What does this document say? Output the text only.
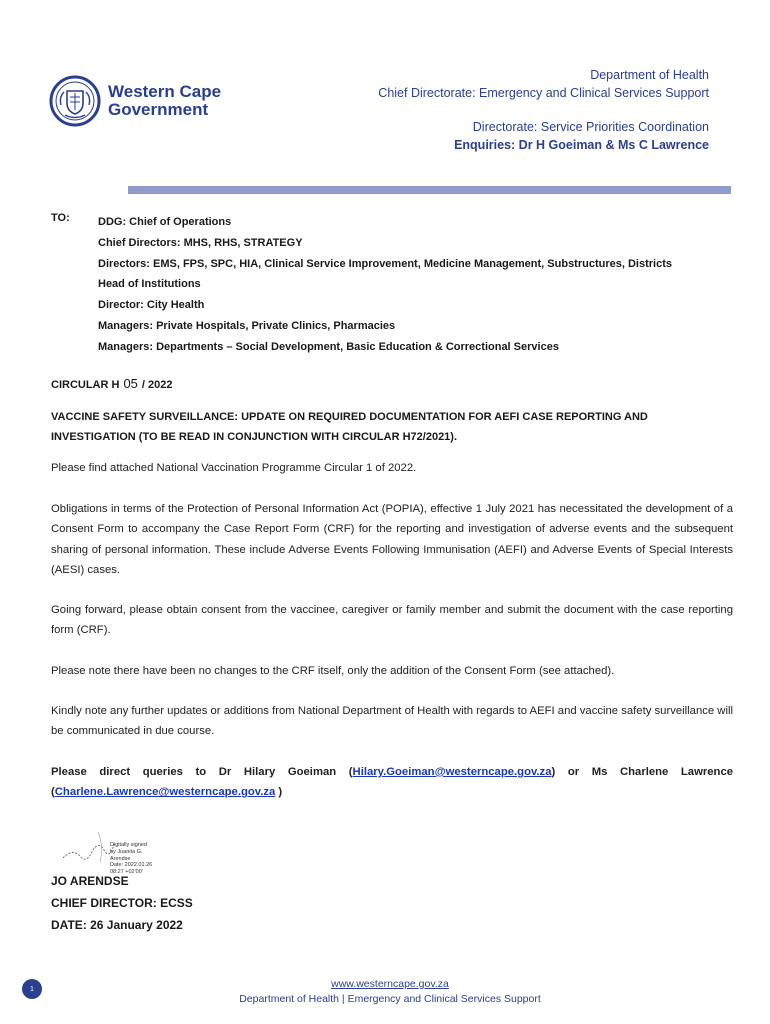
Western Cape
Government
Department of Health
Chief Directorate: Emergency and Clinical Services Support
Directorate: Service Priorities Coordination
Enquiries: Dr H Goeiman & Ms C Lawrence
TO:	DDG: Chief of Operations
Chief Directors: MHS, RHS, STRATEGY
Directors: EMS, FPS, SPC, HIA, Clinical Service Improvement, Medicine Management, Substructures, Districts
Head of Institutions
Director: City Health
Managers: Private Hospitals, Private Clinics, Pharmacies
Managers: Departments – Social Development, Basic Education & Correctional Services
CIRCULAR H 05 / 2022
VACCINE SAFETY SURVEILLANCE: UPDATE ON REQUIRED DOCUMENTATION FOR AEFI CASE REPORTING AND INVESTIGATION (TO BE READ IN CONJUNCTION WITH CIRCULAR H72/2021).
Please find attached National Vaccination Programme Circular 1 of 2022.
Obligations in terms of the Protection of Personal Information Act (POPIA), effective 1 July 2021 has necessitated the development of a Consent Form to accompany the Case Report Form (CRF) for the reporting and investigation of adverse events and the subsequent sharing of personal information. These include Adverse Events Following Immunisation (AEFI) and Adverse Events of Special Interests (AESI) cases.
Going forward, please obtain consent from the vaccinee, caregiver or family member and submit the document with the case reporting form (CRF).
Please note there have been no changes to the CRF itself, only the addition of the Consent Form (see attached).
Kindly note any further updates or additions from National Department of Health with regards to AEFI and vaccine safety surveillance will be communicated in due course.
Please direct queries to Dr Hilary Goeiman (Hilary.Goeiman@westerncape.gov.za) or Ms Charlene Lawrence (Charlene.Lawrence@westerncape.gov.za )
Digitally signed
by Juanita G.
Arendse
Date: 2022.01.26
08:27 +02'00'
JO ARENDSE
CHIEF DIRECTOR: ECSS
DATE: 26 January 2022
1	www.westerncape.gov.za
Department of Health | Emergency and Clinical Services Support
